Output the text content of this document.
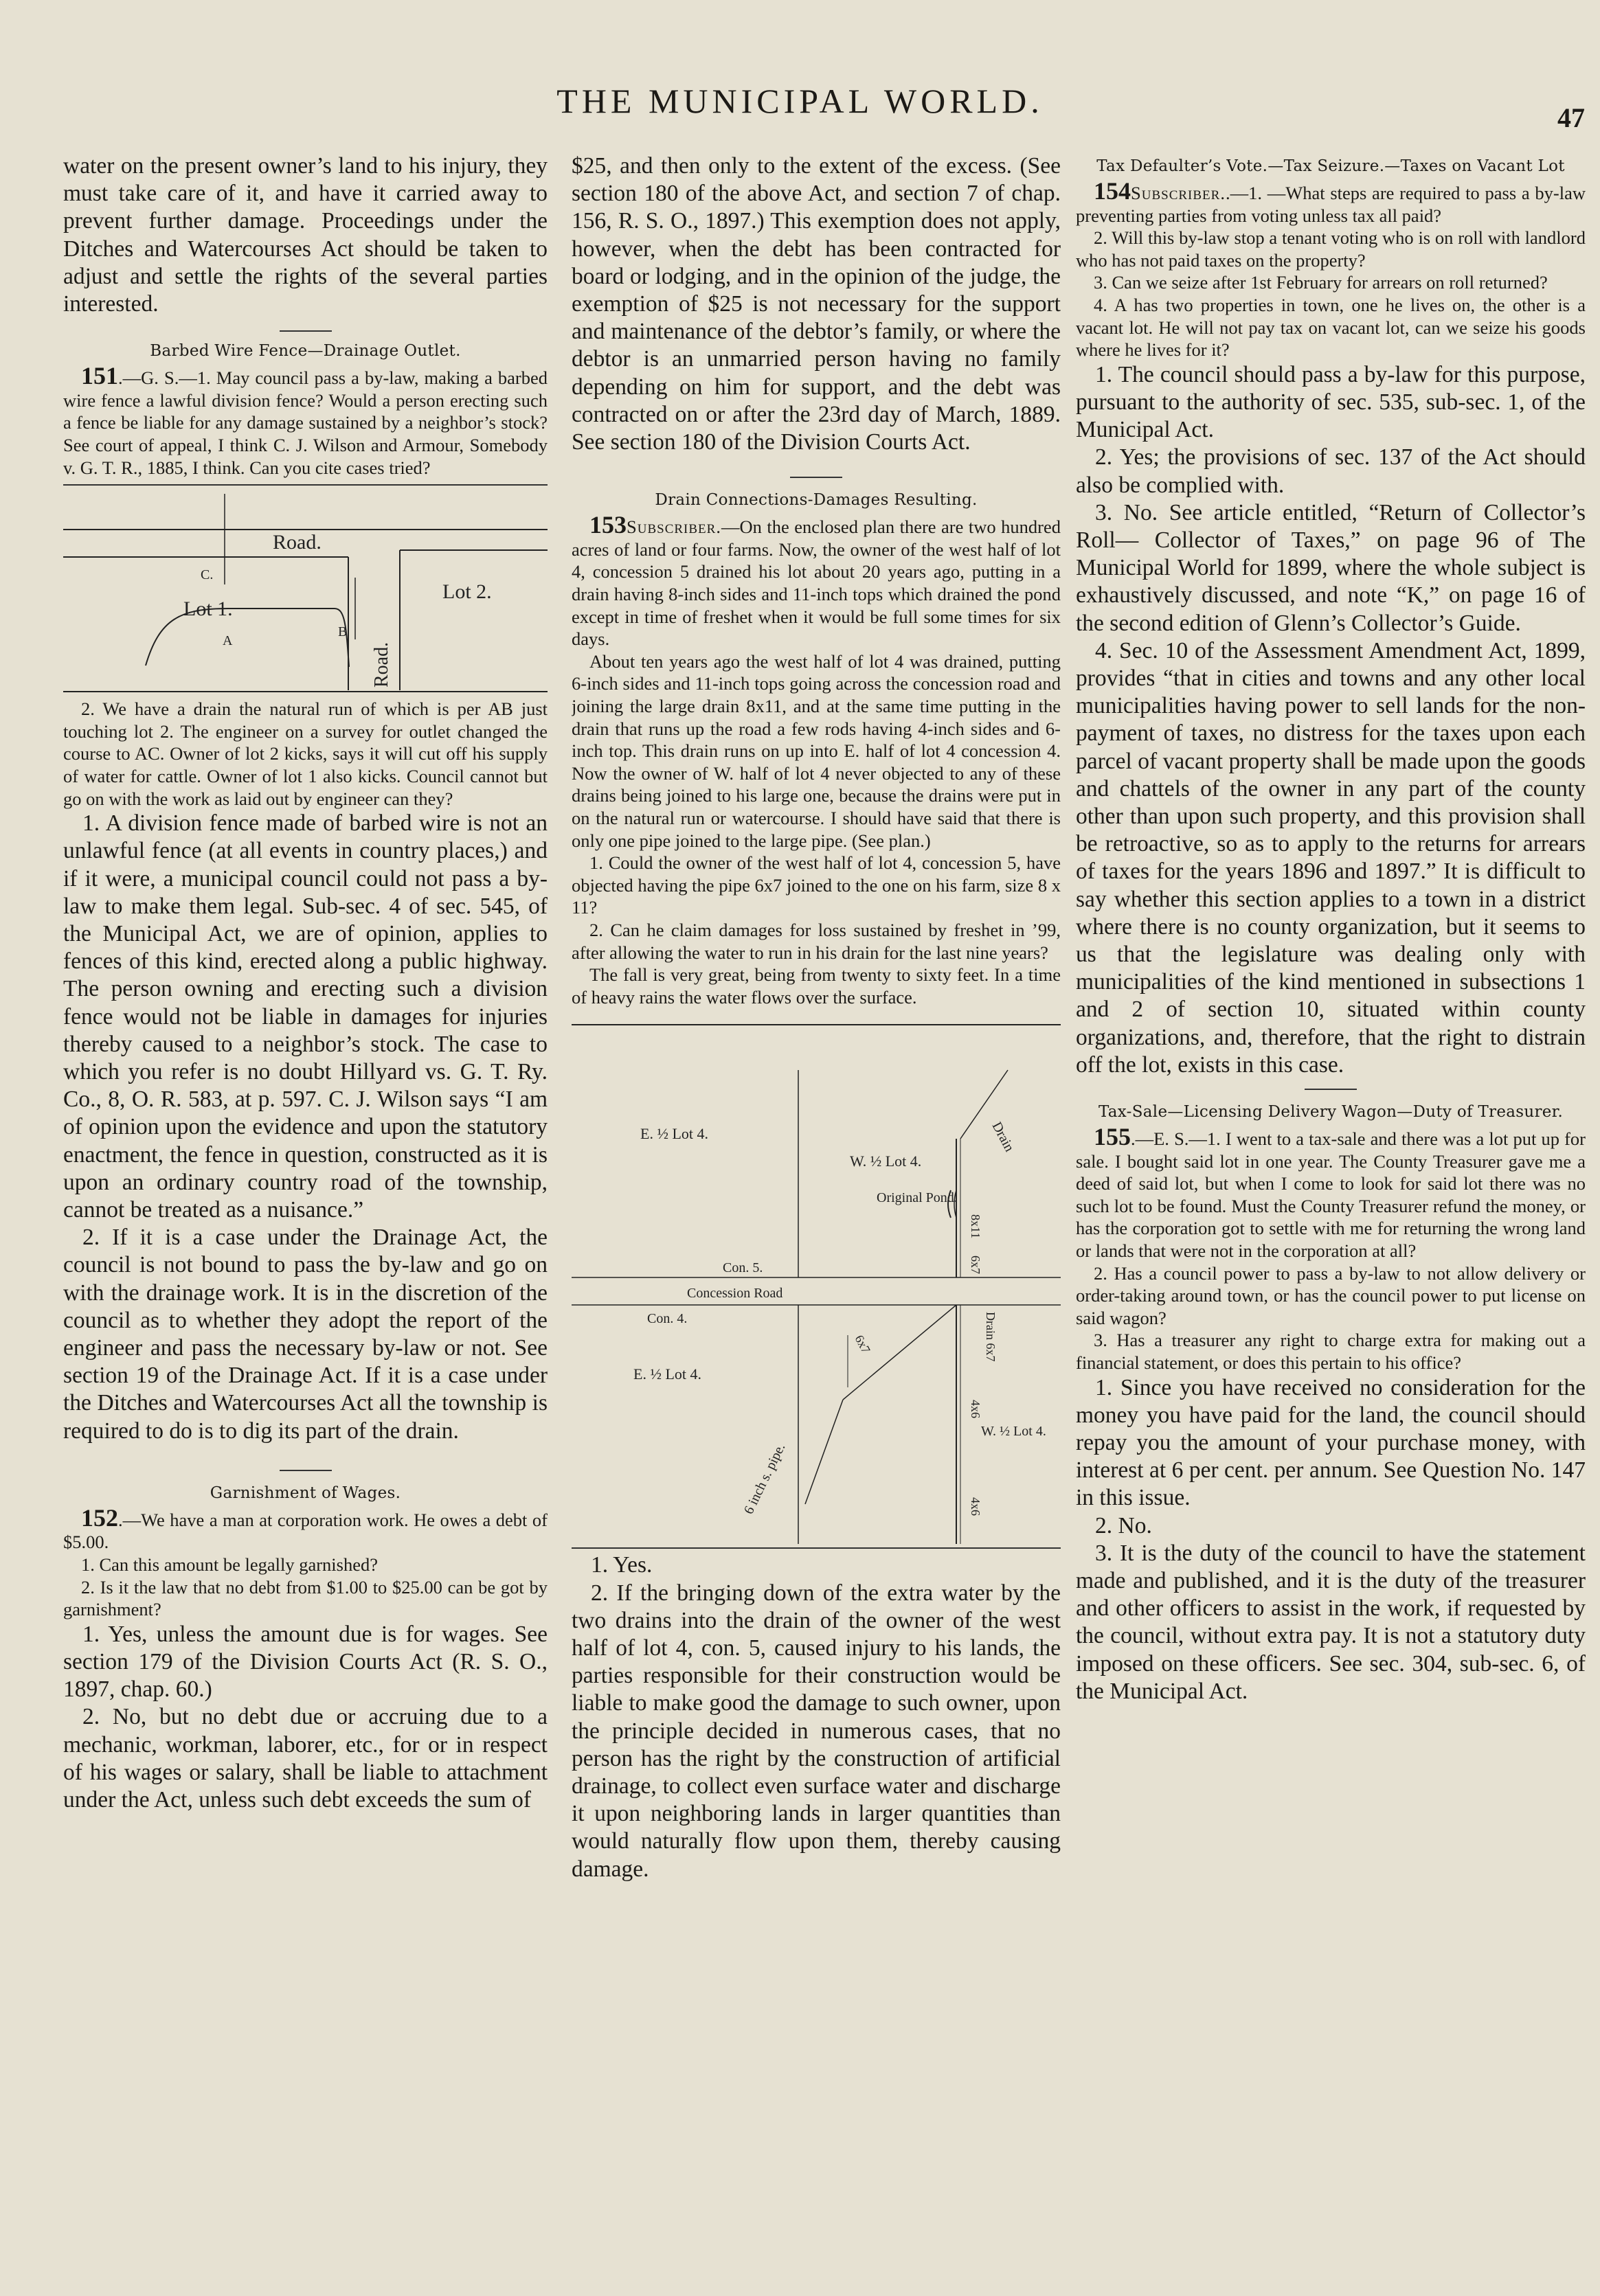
THE MUNICIPAL WORLD.	47

water on the present owner’s land to his injury, they must take care of it, and have it carried away to prevent further damage. Proceedings under the Ditches and Watercourses Act should be taken to adjust and settle the rights of the several parties interested.

Barbed Wire Fence—Drainage Outlet.

151.—G. S.—1. May council pass a by-law, making a barbed wire fence a lawful division fence? Would a person erecting such a fence be liable for any damage sustained by a neighbor’s stock? See court of appeal, I think C. J. Wilson and Armour, Somebody v. G. T. R., 1885, I think. Can you cite cases tried?

Road.
C.
Lot 1.
Lot 2.
A
B
Road.

2. We have a drain the natural run of which is per AB just touching lot 2. The engineer on a survey for outlet changed the course to AC. Owner of lot 2 kicks, says it will cut off his supply of water for cattle. Owner of lot 1 also kicks. Council cannot but go on with the work as laid out by engineer can they?

1. A division fence made of barbed wire is not an unlawful fence (at all events in country places,) and if it were, a municipal council could not pass a by-law to make them legal. Sub-sec. 4 of sec. 545, of the Municipal Act, we are of opinion, applies to fences of this kind, erected along a public highway. The person owning and erecting such a division fence would not be liable in damages for injuries thereby caused to a neighbor’s stock. The case to which you refer is no doubt Hillyard vs. G. T. Ry. Co., 8, O. R. 583, at p. 597. C. J. Wilson says “I am of opinion upon the evidence and upon the statutory enactment, the fence in question, constructed as it is upon an ordinary country road of the township, cannot be treated as a nuisance.”

2. If it is a case under the Drainage Act, the council is not bound to pass the by-law and go on with the drainage work. It is in the discretion of the council as to whether they adopt the report of the engineer and pass the necessary by-law or not. See section 19 of the Drainage Act. If it is a case under the Ditches and Watercourses Act all the township is required to do is to dig its part of the drain.

Garnishment of Wages.

152.—We have a man at corporation work. He owes a debt of $5.00.

1. Can this amount be legally garnished?

2. Is it the law that no debt from $1.00 to $25.00 can be got by garnishment?

1. Yes, unless the amount due is for wages. See section 179 of the Division Courts Act (R. S. O., 1897, chap. 60.)

2. No, but no debt due or accruing due to a mechanic, workman, laborer, etc., for or in respect of his wages or salary, shall be liable to attachment under the Act, unless such debt exceeds the sum of

$25, and then only to the extent of the excess. (See section 180 of the above Act, and section 7 of chap. 156, R. S. O., 1897.) This exemption does not apply, however, when the debt has been contracted for board or lodging, and in the opinion of the judge, the exemption of $25 is not necessary for the support and maintenance of the debtor’s family, or where the debtor is an unmarried person having no family depending on him for support, and the debt was contracted on or after the 23rd day of March, 1889. See section 180 of the Division Courts Act.

Drain Connections-Damages Resulting.

153Subscriber.—On the enclosed plan there are two hundred acres of land or four farms. Now, the owner of the west half of lot 4, concession 5 drained his lot about 20 years ago, putting in a drain having 8-inch sides and 11-inch tops which drained the pond except in time of freshet when it would be full some times for six days.

About ten years ago the west half of lot 4 was drained, putting 6-inch sides and 11-inch tops going across the concession road and joining the large drain 8x11, and at the same time putting in the drain that runs up the road a few rods having 4-inch sides and 6-inch top. This drain runs on up into E. half of lot 4 concession 4. Now the owner of W. half of lot 4 never objected to any of these drains being joined to his large one, because the drains were put in on the natural run or watercourse. I should have said that there is only one pipe joined to the large pipe. (See plan.)

1. Could the owner of the west half of lot 4, concession 5, have objected having the pipe 6x7 joined to the one on his farm, size 8 x 11?

2. Can he claim damages for loss sustained by freshet in ’99, after allowing the water to run in his drain for the last nine years?

The fall is very great, being from twenty to sixty feet. In a time of heavy rains the water flows over the surface.

E. ½ Lot 4.
W. ½ Lot 4.
Drain
Original Pond.
8x11
6x7
Con. 5.
Concession Road
Con. 4.	Drain 6x7
E. ½ Lot 4.
W. ½ Lot 4.
4x6
6x7
6 inch s. pipe.	4x6

1. Yes.

2. If the bringing down of the extra water by the two drains into the drain of the owner of the west half of lot 4, con. 5, caused injury to his lands, the parties responsible for their construction would be liable to make good the damage to such owner, upon the principle decided in numerous cases, that no person has the right by the construction of artificial drainage, to collect even surface water and discharge it upon neighboring lands in larger quantities than would naturally flow upon them, thereby causing damage.

Tax Defaulter’s Vote.—Tax Seizure.—Taxes on Vacant Lot

154Subscriber..—1. —What steps are required to pass a by-law preventing parties from voting unless tax all paid?

2. Will this by-law stop a tenant voting who is on roll with landlord who has not paid taxes on the property?

3. Can we seize after 1st February for arrears on roll returned?

4. A has two properties in town, one he lives on, the other is a vacant lot. He will not pay tax on vacant lot, can we seize his goods where he lives for it?

1. The council should pass a by-law for this purpose, pursuant to the authority of sec. 535, sub-sec. 1, of the Municipal Act.

2. Yes; the provisions of sec. 137 of the Act should also be complied with.

3. No. See article entitled, “Return of Collector’s Roll— Collector of Taxes,” on page 96 of The Municipal World for 1899, where the whole subject is exhaustively discussed, and note “K,” on page 16 of the second edition of Glenn’s Collector’s Guide.

4. Sec. 10 of the Assessment Amendment Act, 1899, provides “that in cities and towns and any other local municipalities having power to sell lands for the non-payment of taxes, no distress for the taxes upon each parcel of vacant property shall be made upon the goods and chattels of the owner in any part of the county other than upon such property, and this provision shall be retroactive, so as to apply to the returns for arrears of taxes for the years 1896 and 1897.” It is difficult to say whether this section applies to a town in a district where there is no county organization, but it seems to us that the legislature was dealing only with municipalities of the kind mentioned in subsections 1 and 2 of section 10, situated within county organizations, and, therefore, that the right to distrain off the lot, exists in this case.

Tax-Sale—Licensing Delivery Wagon—Duty of Treasurer.

155.—E. S.—1. I went to a tax-sale and there was a lot put up for sale. I bought said lot in one year. The County Treasurer gave me a deed of said lot, but when I come to look for said lot there was no such lot to be found. Must the County Treasurer refund the money, or has the corporation got to settle with me for returning the wrong land or lands that were not in the corporation at all?

2. Has a council power to pass a by-law to not allow delivery or order-taking around town, or has the council power to put license on said wagon?

3. Has a treasurer any right to charge extra for making out a financial statement, or does this pertain to his office?

1. Since you have received no consideration for the money you have paid for the land, the council should repay you the amount of your purchase money, with interest at 6 per cent. per annum. See Question No. 147 in this issue.

2. No.

3. It is the duty of the council to have the statement made and published, and it is the duty of the treasurer and other officers to assist in the work, if requested by the council, without extra pay. It is not a statutory duty imposed on these officers. See sec. 304, sub-sec. 6, of the Municipal Act.
